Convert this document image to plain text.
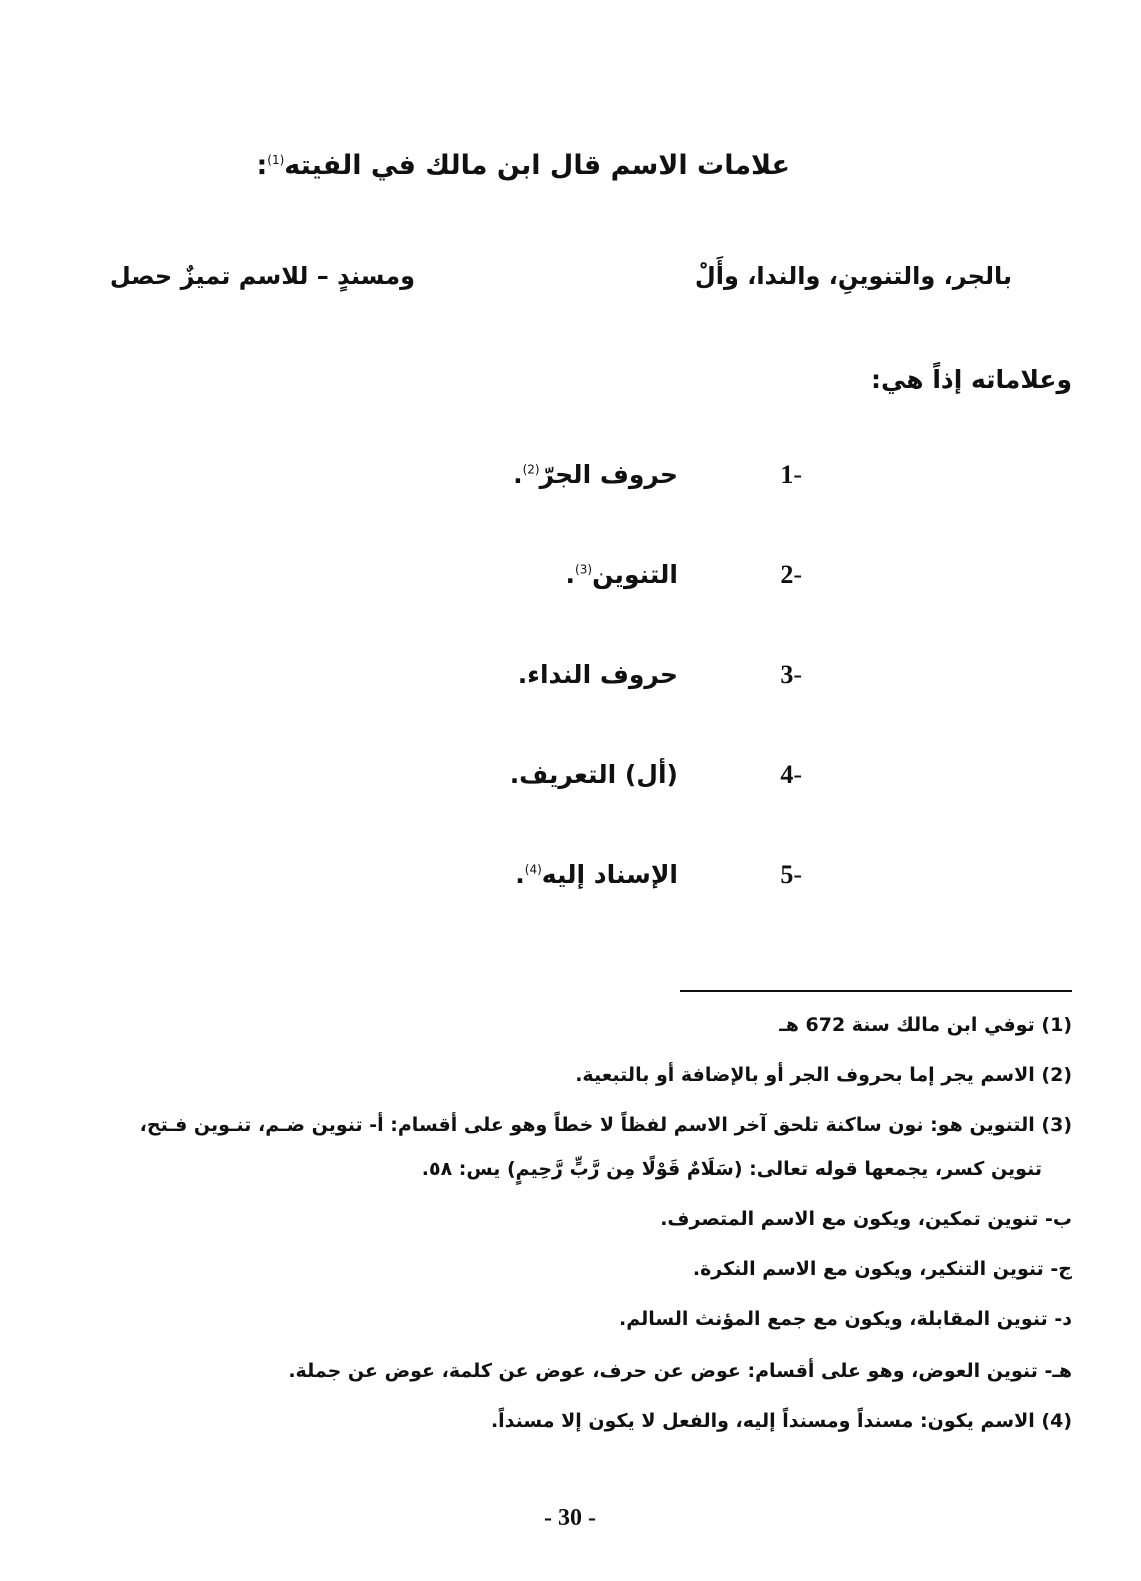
علامات الاسم قال ابن مالك في الفيته$^{(1)}$:
بالجر، والتنوينِ، والندا، وأَلْ
ومسندٍ – للاسم تميزٌ حصل
وعلاماته إذاً هي:
1-
حروف الجرّ$^{(2)}$.
2-
التنوين$^{(3)}$.
3-
حروف النداء.
4-
(أل) التعريف.
5-
الإسناد إليه$^{(4)}$.
(1) توفي ابن مالك سنة 672 هـ
(2) الاسم يجر إما بحروف الجر أو بالإضافة أو بالتبعية.
(3) التنوين هو: نون ساكنة تلحق آخر الاسم لفظاً لا خطاً وهو على أقسام: أ- تنوين ضـم، تنـوين فـتح،
تنوين كسر، يجمعها قوله تعالى: (سَلَامٌ قَوْلًا مِن رَّبٍّ رَّحِيمٍ) يس: ٥٨.
ب- تنوين تمكين، ويكون مع الاسم المتصرف.
ج- تنوين التنكير، ويكون مع الاسم النكرة.
د- تنوين المقابلة، ويكون مع جمع المؤنث السالم.
هـ- تنوين العوض، وهو على أقسام: عوض عن حرف، عوض عن كلمة، عوض عن جملة.
(4) الاسم يكون: مسنداً ومسنداً إليه، والفعل لا يكون إلا مسنداً.
- 30 -
